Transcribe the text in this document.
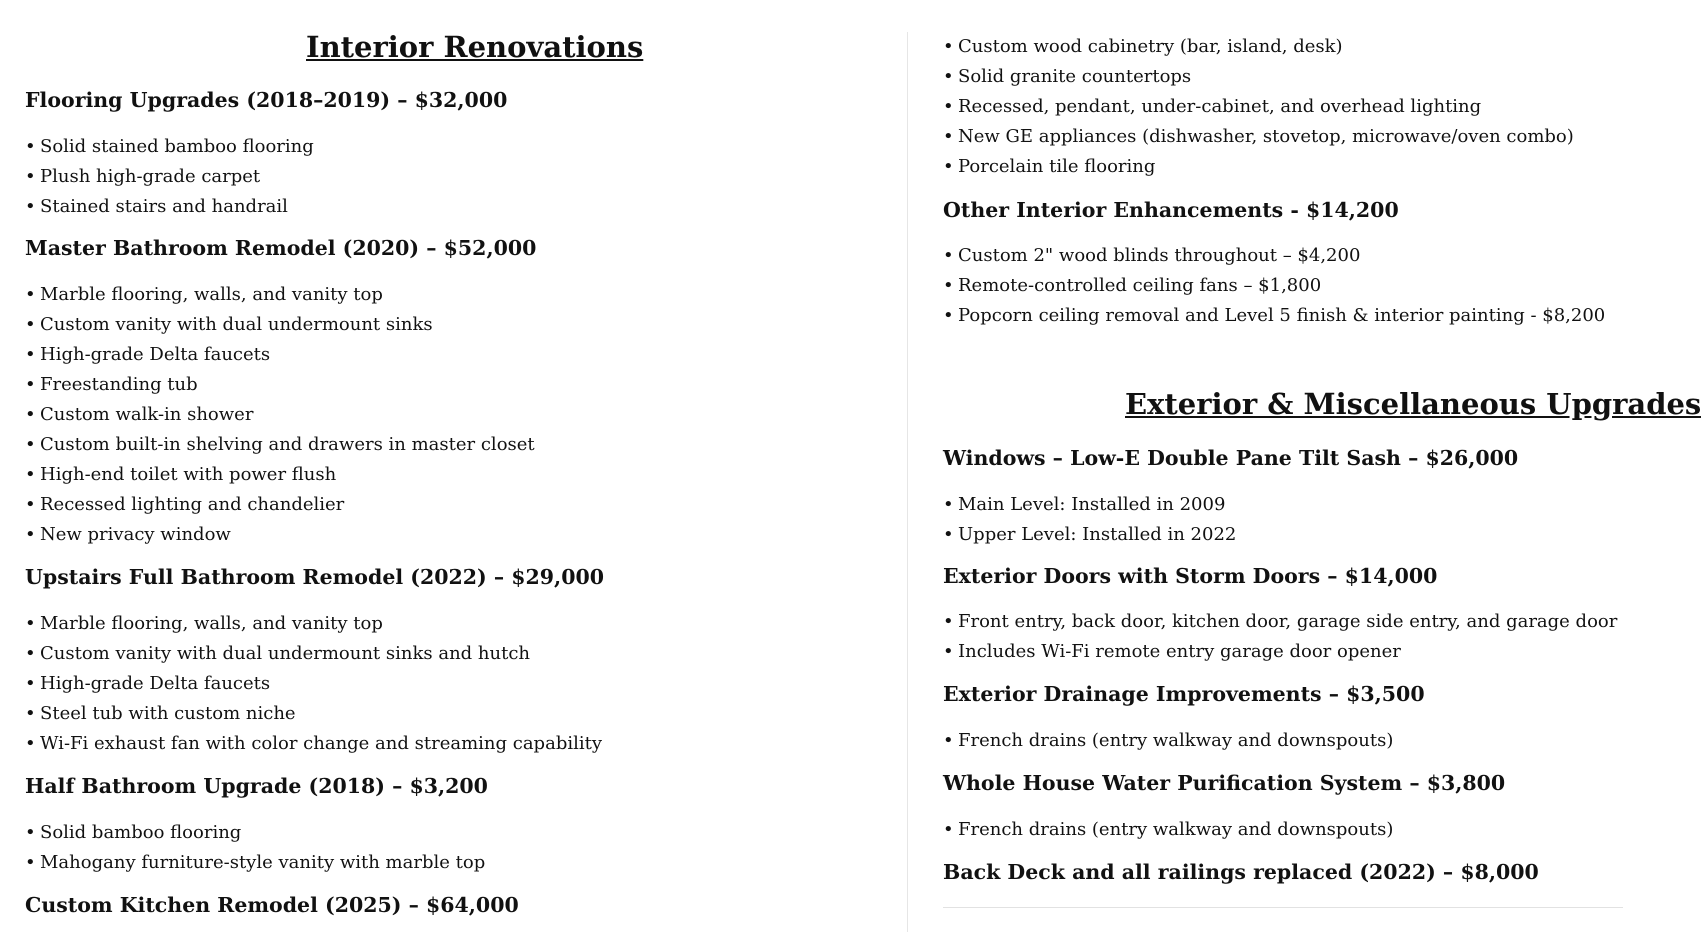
Interior Renovations
Flooring Upgrades (2018–2019) – $32,000
• Solid stained bamboo flooring
• Plush high-grade carpet
• Stained stairs and handrail
Master Bathroom Remodel (2020) – $52,000
• Marble flooring, walls, and vanity top
• Custom vanity with dual undermount sinks
• High-grade Delta faucets
• Freestanding tub
• Custom walk-in shower
• Custom built-in shelving and drawers in master closet
• High-end toilet with power flush
• Recessed lighting and chandelier
• New privacy window
Upstairs Full Bathroom Remodel (2022) – $29,000
• Marble flooring, walls, and vanity top
• Custom vanity with dual undermount sinks and hutch
• High-grade Delta faucets
• Steel tub with custom niche
• Wi-Fi exhaust fan with color change and streaming capability
Half Bathroom Upgrade (2018) – $3,200
• Solid bamboo flooring
• Mahogany furniture-style vanity with marble top
Custom Kitchen Remodel (2025) – $64,000
• Custom wood cabinetry (bar, island, desk)
• Solid granite countertops
• Recessed, pendant, under-cabinet, and overhead lighting
• New GE appliances (dishwasher, stovetop, microwave/oven combo)
• Porcelain tile flooring
Other Interior Enhancements - $14,200
• Custom 2" wood blinds throughout – $4,200
• Remote-controlled ceiling fans – $1,800
• Popcorn ceiling removal and Level 5 finish & interior painting - $8,200
Exterior & Miscellaneous Upgrades
Windows – Low-E Double Pane Tilt Sash – $26,000
• Main Level: Installed in 2009
• Upper Level: Installed in 2022
Exterior Doors with Storm Doors – $14,000
• Front entry, back door, kitchen door, garage side entry, and garage door
• Includes Wi-Fi remote entry garage door opener
Exterior Drainage Improvements – $3,500
• French drains (entry walkway and downspouts)
Whole House Water Purification System – $3,800
• French drains (entry walkway and downspouts)
Back Deck and all railings replaced (2022) – $8,000
